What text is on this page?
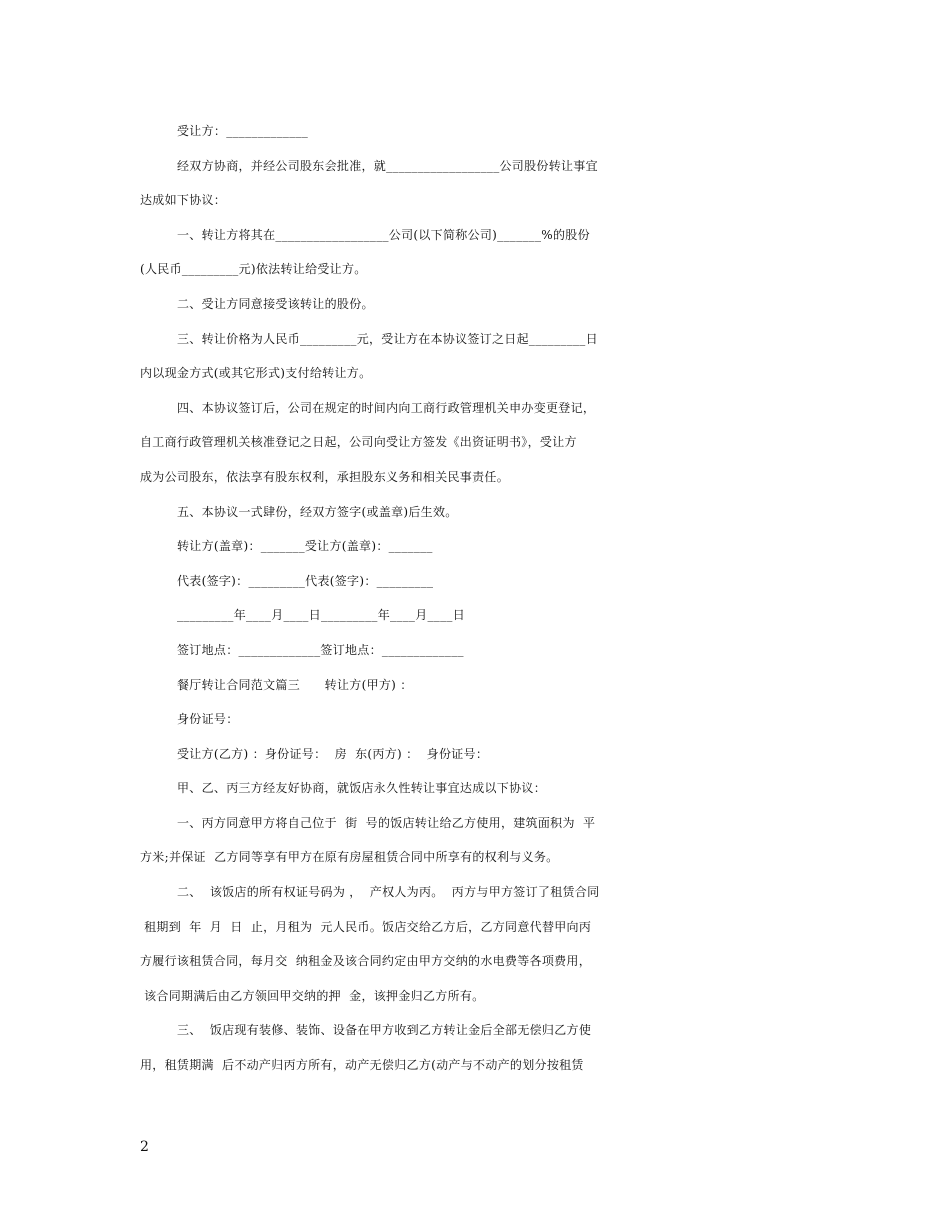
受让方：_____________
经双方协商，并经公司股东会批准，就__________________公司股份转让事宜
达成如下协议：
一、转让方将其在__________________公司(以下简称公司)_______%的股份
(人民币_________元)依法转让给受让方。
二、受让方同意接受该转让的股份。
三、转让价格为人民币_________元，受让方在本协议签订之日起_________日
内以现金方式(或其它形式)支付给转让方。
四、本协议签订后，公司在规定的时间内向工商行政管理机关申办变更登记，
自工商行政管理机关核准登记之日起，公司向受让方签发《出资证明书》，受让方
成为公司股东，依法享有股东权利，承担股东义务和相关民事责任。
五、本协议一式肆份，经双方签字(或盖章)后生效。
转让方(盖章)：_______受让方(盖章)：_______
代表(签字)：_________代表(签字)：_________
_________年____月____日_________年____月____日
签订地点：_____________签订地点：_____________
餐厅转让合同范文篇三      转让方(甲方) ：
身份证号：
受让方(乙方) ：身份证号：  房  东(丙方) ：  身份证号：
甲、乙、丙三方经友好协商，就饭店永久性转让事宜达成以下协议：
一、丙方同意甲方将自己位于  街  号的饭店转让给乙方使用，建筑面积为  平
方米;并保证  乙方同等享有甲方在原有房屋租赁合同中所享有的权利与义务。
二、  该饭店的所有权证号码为 ，  产权人为丙。  丙方与甲方签订了租赁合同
租期到  年  月  日  止，月租为  元人民币。饭店交给乙方后，乙方同意代替甲向丙
方履行该租赁合同，每月交  纳租金及该合同约定由甲方交纳的水电费等各项费用，
该合同期满后由乙方领回甲交纳的押  金，该押金归乙方所有。
三、  饭店现有装修、装饰、设备在甲方收到乙方转让金后全部无偿归乙方使
用，租赁期满  后不动产归丙方所有，动产无偿归乙方(动产与不动产的划分按租赁
2
